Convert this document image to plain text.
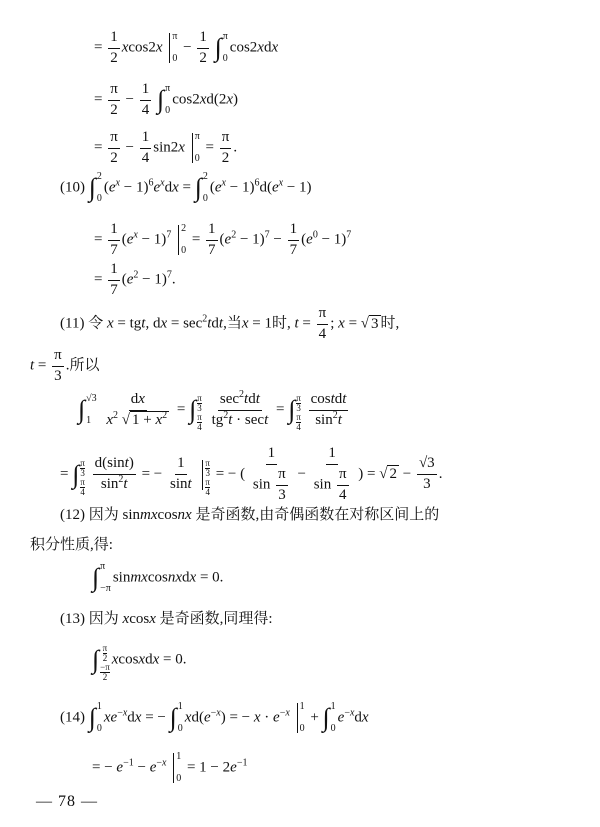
= $\frac{1}{2} xcos2x$
π
0
− $\frac{1}{2}$
∫ π
0
cos2xdx
= $\frac{\pi}{2} - \frac{1}{4}$
∫ π
0
cos2xd(2x)
= $\frac{\pi}{2} - \frac{1}{4} \sin 2x$
π
0
= $\frac{\pi}{2}$ .
(10) ∫ 2
0
$(e^x - 1)^6e^xdx$ = ∫ 2
0
$(e^x - 1)^6d(e^x - 1)$
= $\frac{1}{7} (e^x - 1)^7$
2
0
= $\frac{1}{7} (e^2 - 1)^7 - \frac{1}{7} (e^0 - 1)^7$
= $\frac{1}{7} (e^2 - 1)^7$.
(11) 令 x = tgt, dx = $\sec^2tdt$,当x = 1时, $t = \frac{\pi}{4}$ ; x = √ 3 时,
$t = \frac{\pi}{3}$ .所以
∫ √3
1
$\frac{dx}{x^2 √ 1 + x^2}$ = ∫ π
3
π
4
$\frac{\sec^2tdt}{tg^2t \cdot \sec t}$ = ∫ π
3
π
4
$\frac{\text{costdt}}{\sin^2t}$
= ∫ π
3
π
4
$\frac{d(\sin t)}{\sin^2t}$ = − $\frac{1}{\sin t}$
π
3
π
4
= − ( $\frac{1}{\sin \frac{\pi}{3}} - \frac{1}{\sin \frac{\pi}{4}}$ ) = √ $2 - \frac{√3}{3}$ .
(12) 因为 sinmxcosnx 是奇函数,由奇偶函数在对称区间上的
积分性质,得:
∫ π
−π
sinmxcosnxdx = 0.
(13) 因为 xcosx 是奇函数,同理得:
∫ π
2
−π
2
xcosxdx = 0.
(14) ∫ 1
0
$xe^{-x}dx$ = − ∫ 1
0
$xd(e^{-x})$ = − $x \cdot e^{-x}$
1
0
+ ∫ 1
0
$e^{-x}dx$
= − $e^{-1} - e^{-x}$
1
0
= $1 - 2e^{-1}$
— 78 —
